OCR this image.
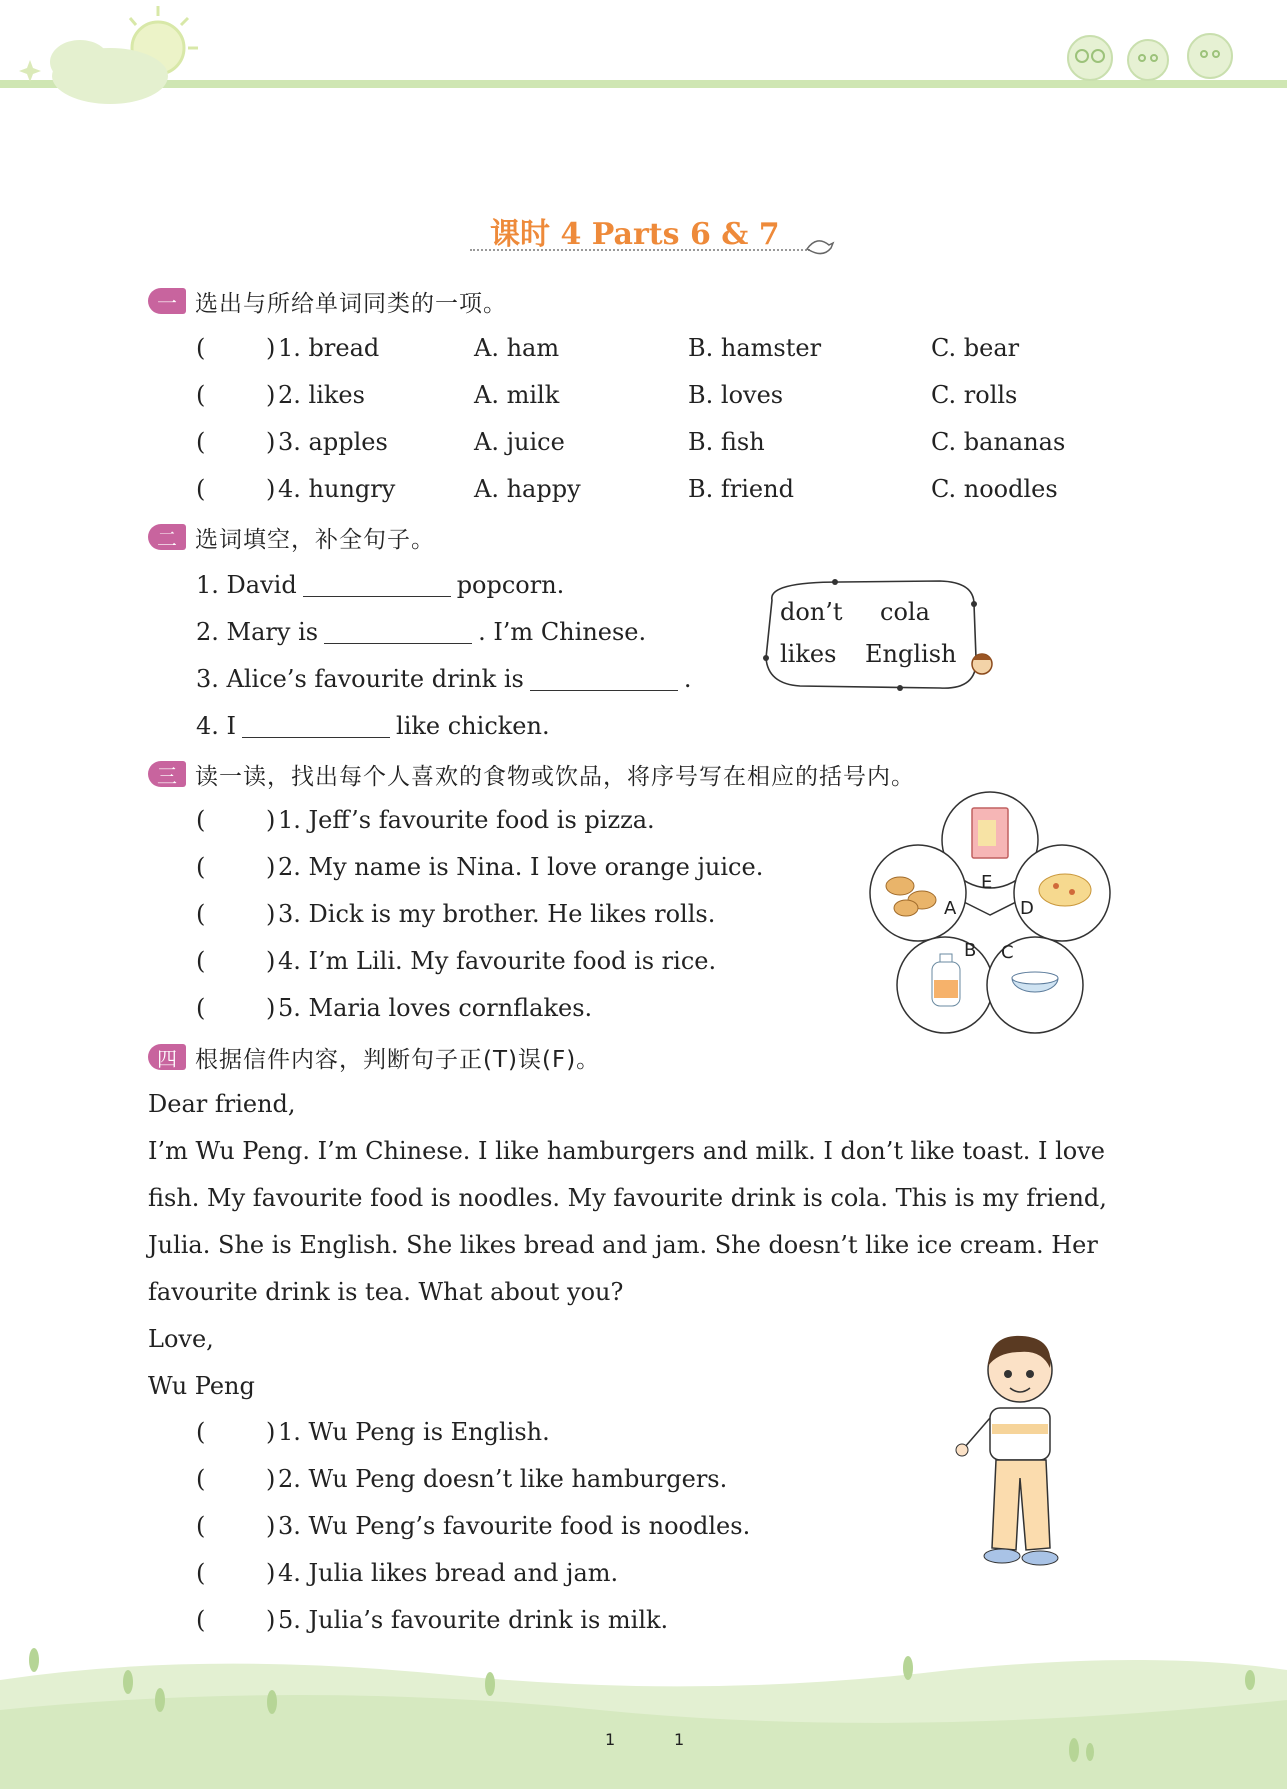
课时 4 Parts 6 & 7
一 选出与所给单词同类的一项。
(	) 1. bread	A. ham	B. hamster	C. bear
(	) 2. likes	A. milk	B. loves	C. rolls
(	) 3. apples	A. juice	B. fish	C. bananas
(	) 4. hungry	A. happy	B. friend	C. noodles
二 选词填空，补全句子。
1. David	popcorn.
2. Mary is	. I’m Chinese.
3. Alice’s favourite drink is	.
4. I	like chicken.
don’t cola
likes English
三 读一读，找出每个人喜欢的食物或饮品，将序号写在相应的括号内。
(	) 1. Jeff’s favourite food is pizza.
(	) 2. My name is Nina. I love orange juice.
(	) 3. Dick is my brother. He likes rolls.
(	) 4. I’m Lili. My favourite food is rice.
(	) 5. Maria loves cornflakes.
E
A	D
B C
四 根据信件内容，判断句子正(T)误(F)。
Dear friend,
I’m Wu Peng. I’m Chinese. I like hamburgers and milk. I don’t like toast. I love
fish. My favourite food is noodles. My favourite drink is cola. This is my friend,
Julia. She is English. She likes bread and jam. She doesn’t like ice cream. Her
favourite drink is tea. What about you?
Love,
Wu Peng
(	) 1. Wu Peng is English.
(	) 2. Wu Peng doesn’t like hamburgers.
(	) 3. Wu Peng’s favourite food is noodles.
(	) 4. Julia likes bread and jam.
(	) 5. Julia’s favourite drink is milk.
1	1
